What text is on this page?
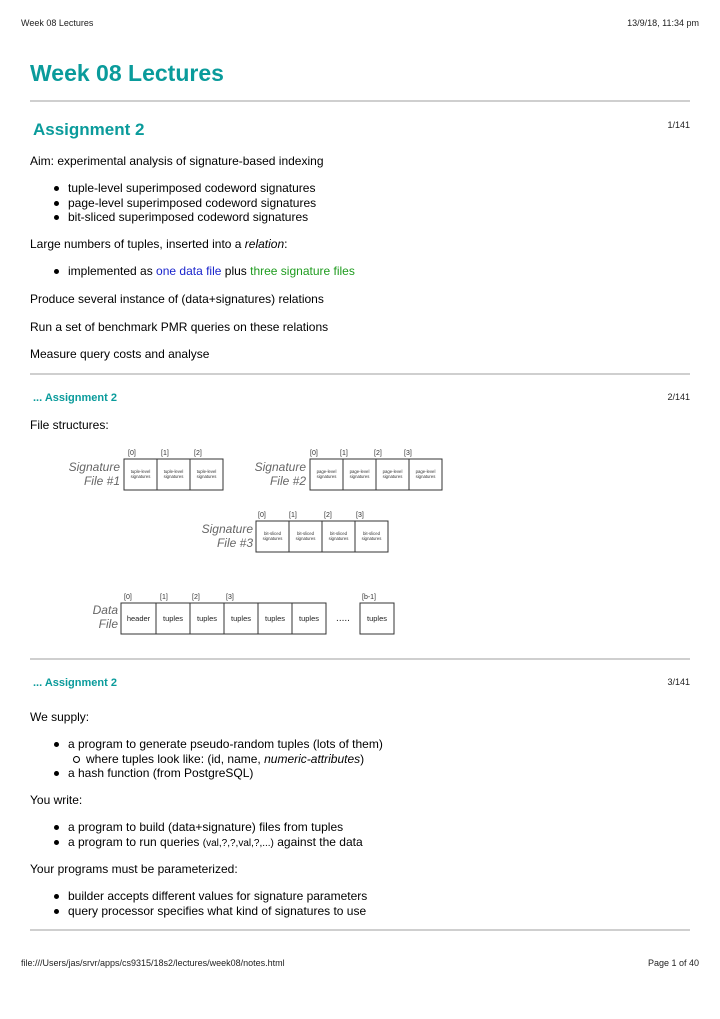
Week 08 Lectures	13/9/18, 11:34 pm
Week 08 Lectures
Assignment 2	1/141
Aim: experimental analysis of signature-based indexing
tuple-level superimposed codeword signatures
page-level superimposed codeword signatures
bit-sliced superimposed codeword signatures
Large numbers of tuples, inserted into a relation:
implemented as one data file plus three signature files
Produce several instance of (data+signatures) relations
Run a set of benchmark PMR queries on these relations
Measure query costs and analyse
... Assignment 2	2/141
File structures:
Signature
File #1
Signature
File #2
Signature
File #3
Data
File
[0]	[1]	[2]	[0]	[1]	[2]	[3]
[0]	[1]	[2]	[3]
[0]	[1]	[2]	[3]	[b-1]
tuple-level
signatures
tuple-level
signatures
tuple-level
signatures
page-level
signatures
page-level
signatures
page-level
signatures
page-level
signatures
bit-sliced
signatures
bit-sliced
signatures
bit-sliced
signatures
bit-sliced
signatures
header tuples tuples tuples tuples tuples ..... tuples
... Assignment 2	3/141
We supply:
a program to generate pseudo-random tuples (lots of them)
where tuples look like: (id, name, numeric-attributes)
a hash function (from PostgreSQL)
You write:
a program to build (data+signature) files from tuples
a program to run queries (val,?,?,val,?,...) against the data
Your programs must be parameterized:
builder accepts different values for signature parameters
query processor specifies what kind of signatures to use
file:///Users/jas/srvr/apps/cs9315/18s2/lectures/week08/notes.html	Page 1 of 40
